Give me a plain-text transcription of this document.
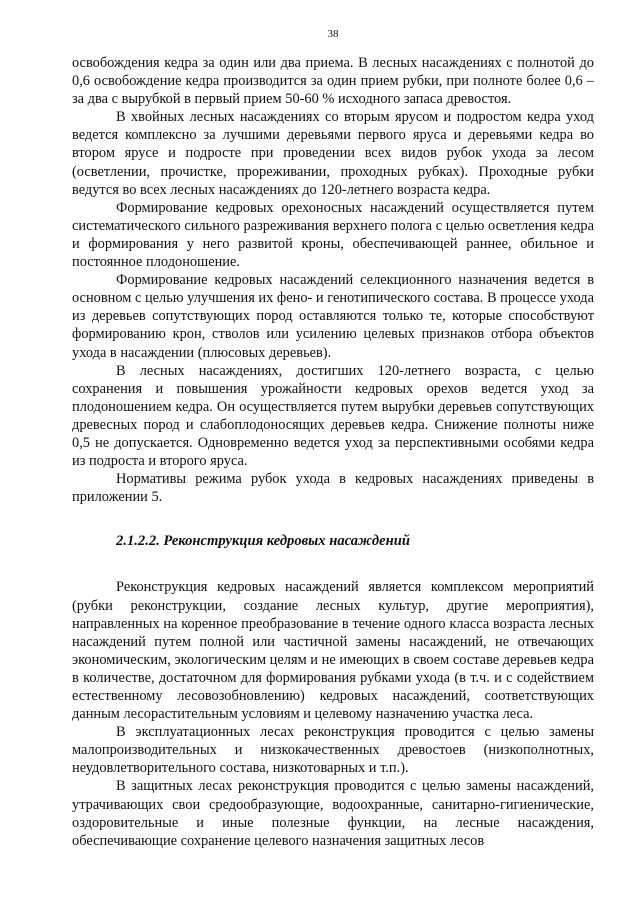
38

освобождения кедра за один или два приема. В лесных насаждениях с полнотой до 0,6 освобождение кедра производится за один прием рубки, при полноте более 0,6 – за два с вырубкой в первый прием 50-60 % исходного запаса древостоя.

В хвойных лесных насаждениях со вторым ярусом и подростом кедра уход ведется комплексно за лучшими деревьями первого яруса и деревьями кедра во втором ярусе и подросте при проведении всех видов рубок ухода за лесом (осветлении, прочистке, прореживании, проходных рубках). Проходные рубки ведутся во всех лесных насаждениях до 120-летнего возраста кедра.

Формирование кедровых орехоносных насаждений осуществляется путем систематического сильного разреживания верхнего полога с целью осветления кедра и формирования у него развитой кроны, обеспечивающей раннее, обильное и постоянное плодоношение.

Формирование кедровых насаждений селекционного назначения ведется в основном с целью улучшения их фено- и генотипического состава. В процессе ухода из деревьев сопутствующих пород оставляются только те, которые способствуют формированию крон, стволов или усилению целевых признаков отбора объектов ухода в насаждении (плюсовых деревьев).

В лесных насаждениях, достигших 120-летнего возраста, с целью сохранения и повышения урожайности кедровых орехов ведется уход за плодоношением кедра. Он осуществляется путем вырубки деревьев сопутствующих древесных пород и слабоплодоносящих деревьев кедра. Снижение полноты ниже 0,5 не допускается. Одновременно ведется уход за перспективными особями кедра из подроста и второго яруса.

Нормативы режима рубок ухода в кедровых насаждениях приведены в приложении 5.

2.1.2.2. Реконструкция кедровых насаждений

Реконструкция кедровых насаждений является комплексом мероприятий (рубки реконструкции, создание лесных культур, другие мероприятия), направленных на коренное преобразование в течение одного класса возраста лесных насаждений путем полной или частичной замены насаждений, не отвечающих экономическим, экологическим целям и не имеющих в своем составе деревьев кедра в количестве, достаточном для формирования рубками ухода (в т.ч. и с содействием естественному лесовозобновлению) кедровых насаждений, соответствующих данным лесорастительным условиям и целевому назначению участка леса.

В эксплуатационных лесах реконструкция проводится с целью замены малопроизводительных и низкокачественных древостоев (низкополнотных, неудовлетворительного состава, низкотоварных и т.п.).

В защитных лесах реконструкция проводится с целью замены насаждений, утрачивающих свои средообразующие, водоохранные, санитарно-гигиенические, оздоровительные и иные полезные функции, на лесные насаждения, обеспечивающие сохранение целевого назначения защитных лесов
